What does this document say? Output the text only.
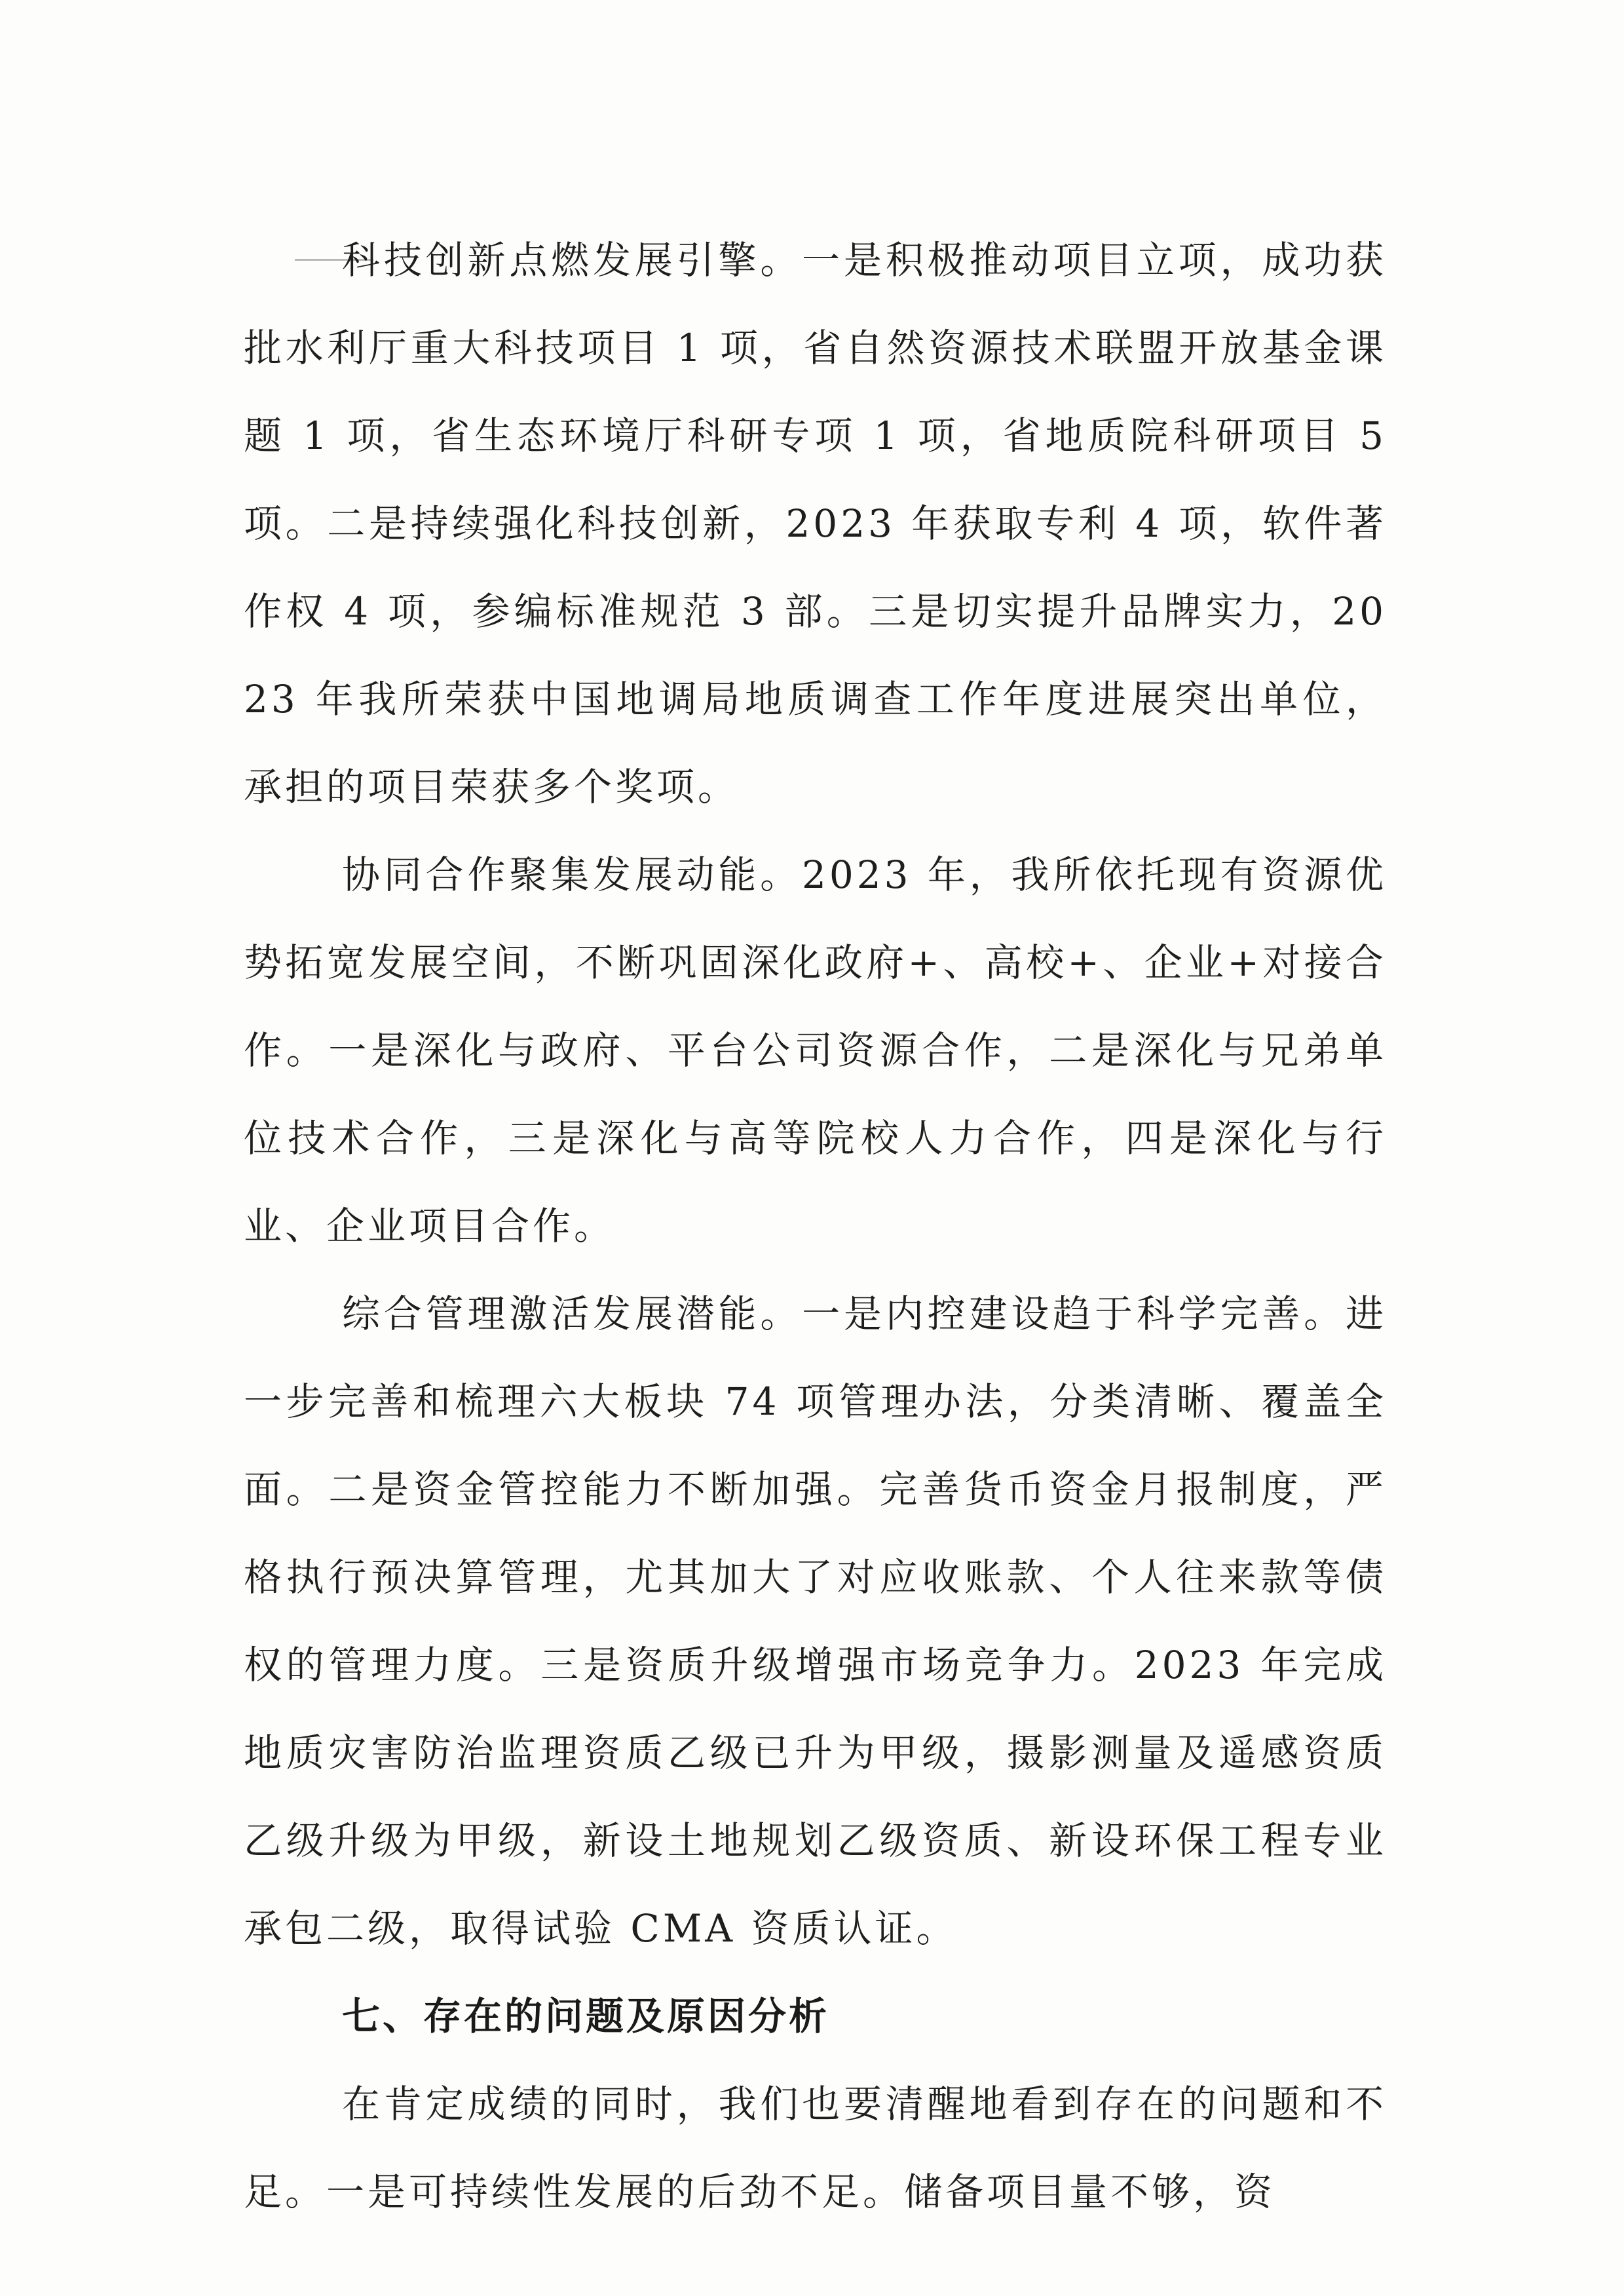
科技创新点燃发展引擎。一是积极推动项目立项，成功获批水利厅重大科技项目 1 项，省自然资源技术联盟开放基金课题 1 项，省生态环境厅科研专项 1 项，省地质院科研项目 5 项。二是持续强化科技创新，2023 年获取专利 4 项，软件著作权 4 项，参编标准规范 3 部。三是切实提升品牌实力，2023 年我所荣获中国地调局地质调查工作年度进展突出单位，承担的项目荣获多个奖项。

协同合作聚集发展动能。2023 年，我所依托现有资源优势拓宽发展空间，不断巩固深化政府+、高校+、企业+对接合作。一是深化与政府、平台公司资源合作，二是深化与兄弟单位技术合作，三是深化与高等院校人力合作，四是深化与行业、企业项目合作。

综合管理激活发展潜能。一是内控建设趋于科学完善。进一步完善和梳理六大板块 74 项管理办法，分类清晰、覆盖全面。二是资金管控能力不断加强。完善货币资金月报制度，严格执行预决算管理，尤其加大了对应收账款、个人往来款等债权的管理力度。三是资质升级增强市场竞争力。2023 年完成地质灾害防治监理资质乙级已升为甲级，摄影测量及遥感资质乙级升级为甲级，新设土地规划乙级资质、新设环保工程专业承包二级，取得试验 CMA 资质认证。

七、存在的问题及原因分析

在肯定成绩的同时，我们也要清醒地看到存在的问题和不足。一是可持续性发展的后劲不足。储备项目量不够，资
